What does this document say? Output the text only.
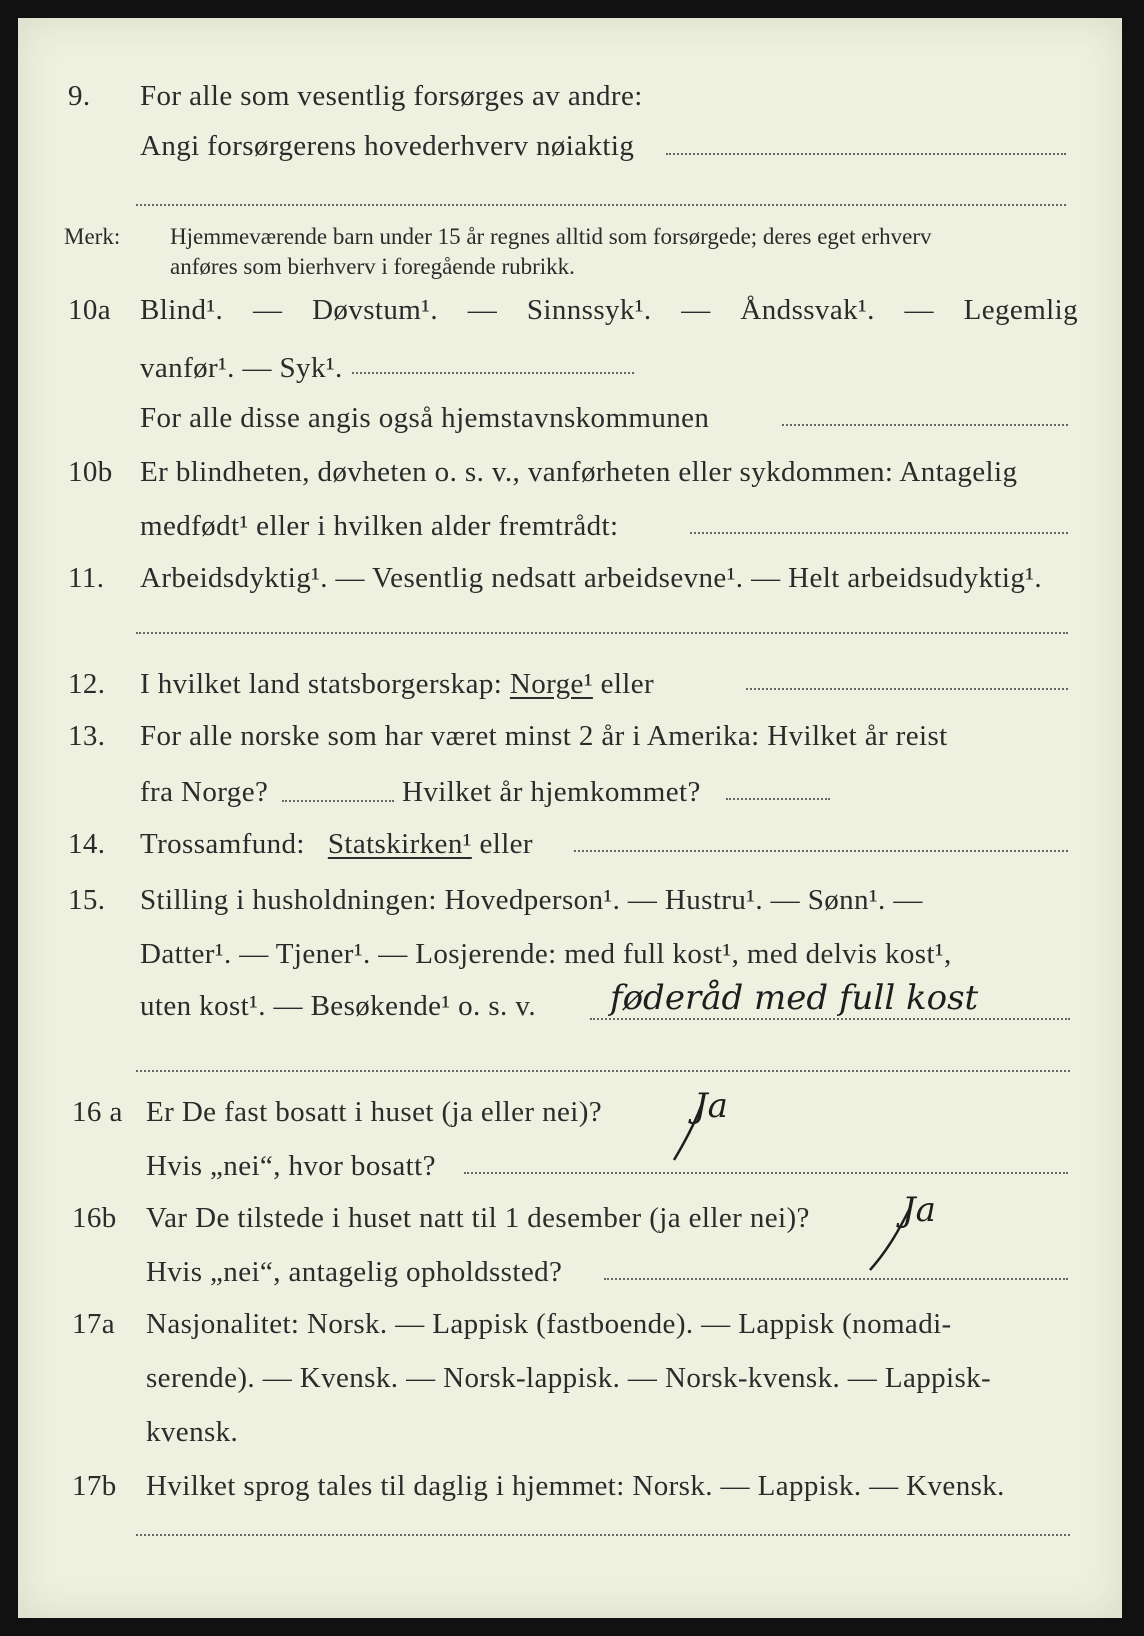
9. For alle som vesentlig forsørges av andre:
Angi forsørgerens hovederhverv nøiaktig
Merk: Hjemmeværende barn under 15 år regnes alltid som forsørgede; deres eget erhverv
anføres som bierhverv i foregående rubrikk.
10a Blind¹. — Døvstum¹. — Sinnssyk¹. — Åndssvak¹. — Legemlig
vanfør¹. — Syk¹.
For alle disse angis også hjemstavnskommunen
10b Er blindheten, døvheten o. s. v., vanførheten eller sykdommen: Antagelig
medfødt¹ eller i hvilken alder fremtrådt:
11. Arbeidsdyktig¹. — Vesentlig nedsatt arbeidsevne¹. — Helt arbeidsudyktig¹.
12. I hvilket land statsborgerskap: Norge¹ eller
13. For alle norske som har været minst 2 år i Amerika: Hvilket år reist
fra Norge?	Hvilket år hjemkommet?
14. Trossamfund: Statskirken¹ eller
15. Stilling i husholdningen: Hovedperson¹. — Hustru¹. — Sønn¹. —
Datter¹. — Tjener¹. — Losjerende: med full kost¹, med delvis kost¹,
uten kost¹. — Besøkende¹ o. s. v. føderåd med full kost
16 a Er De fast bosatt i huset (ja eller nei)?	Ja
Hvis „nei“, hvor bosatt?
16b Var De tilstede i huset natt til 1 desember (ja eller nei)?	Ja
Hvis „nei“, antagelig opholdssted?
17a Nasjonalitet: Norsk. — Lappisk (fastboende). — Lappisk (nomadi-
serende). — Kvensk. — Norsk-lappisk. — Norsk-kvensk. — Lappisk-
kvensk.
17b Hvilket sprog tales til daglig i hjemmet: Norsk. — Lappisk. — Kvensk.
